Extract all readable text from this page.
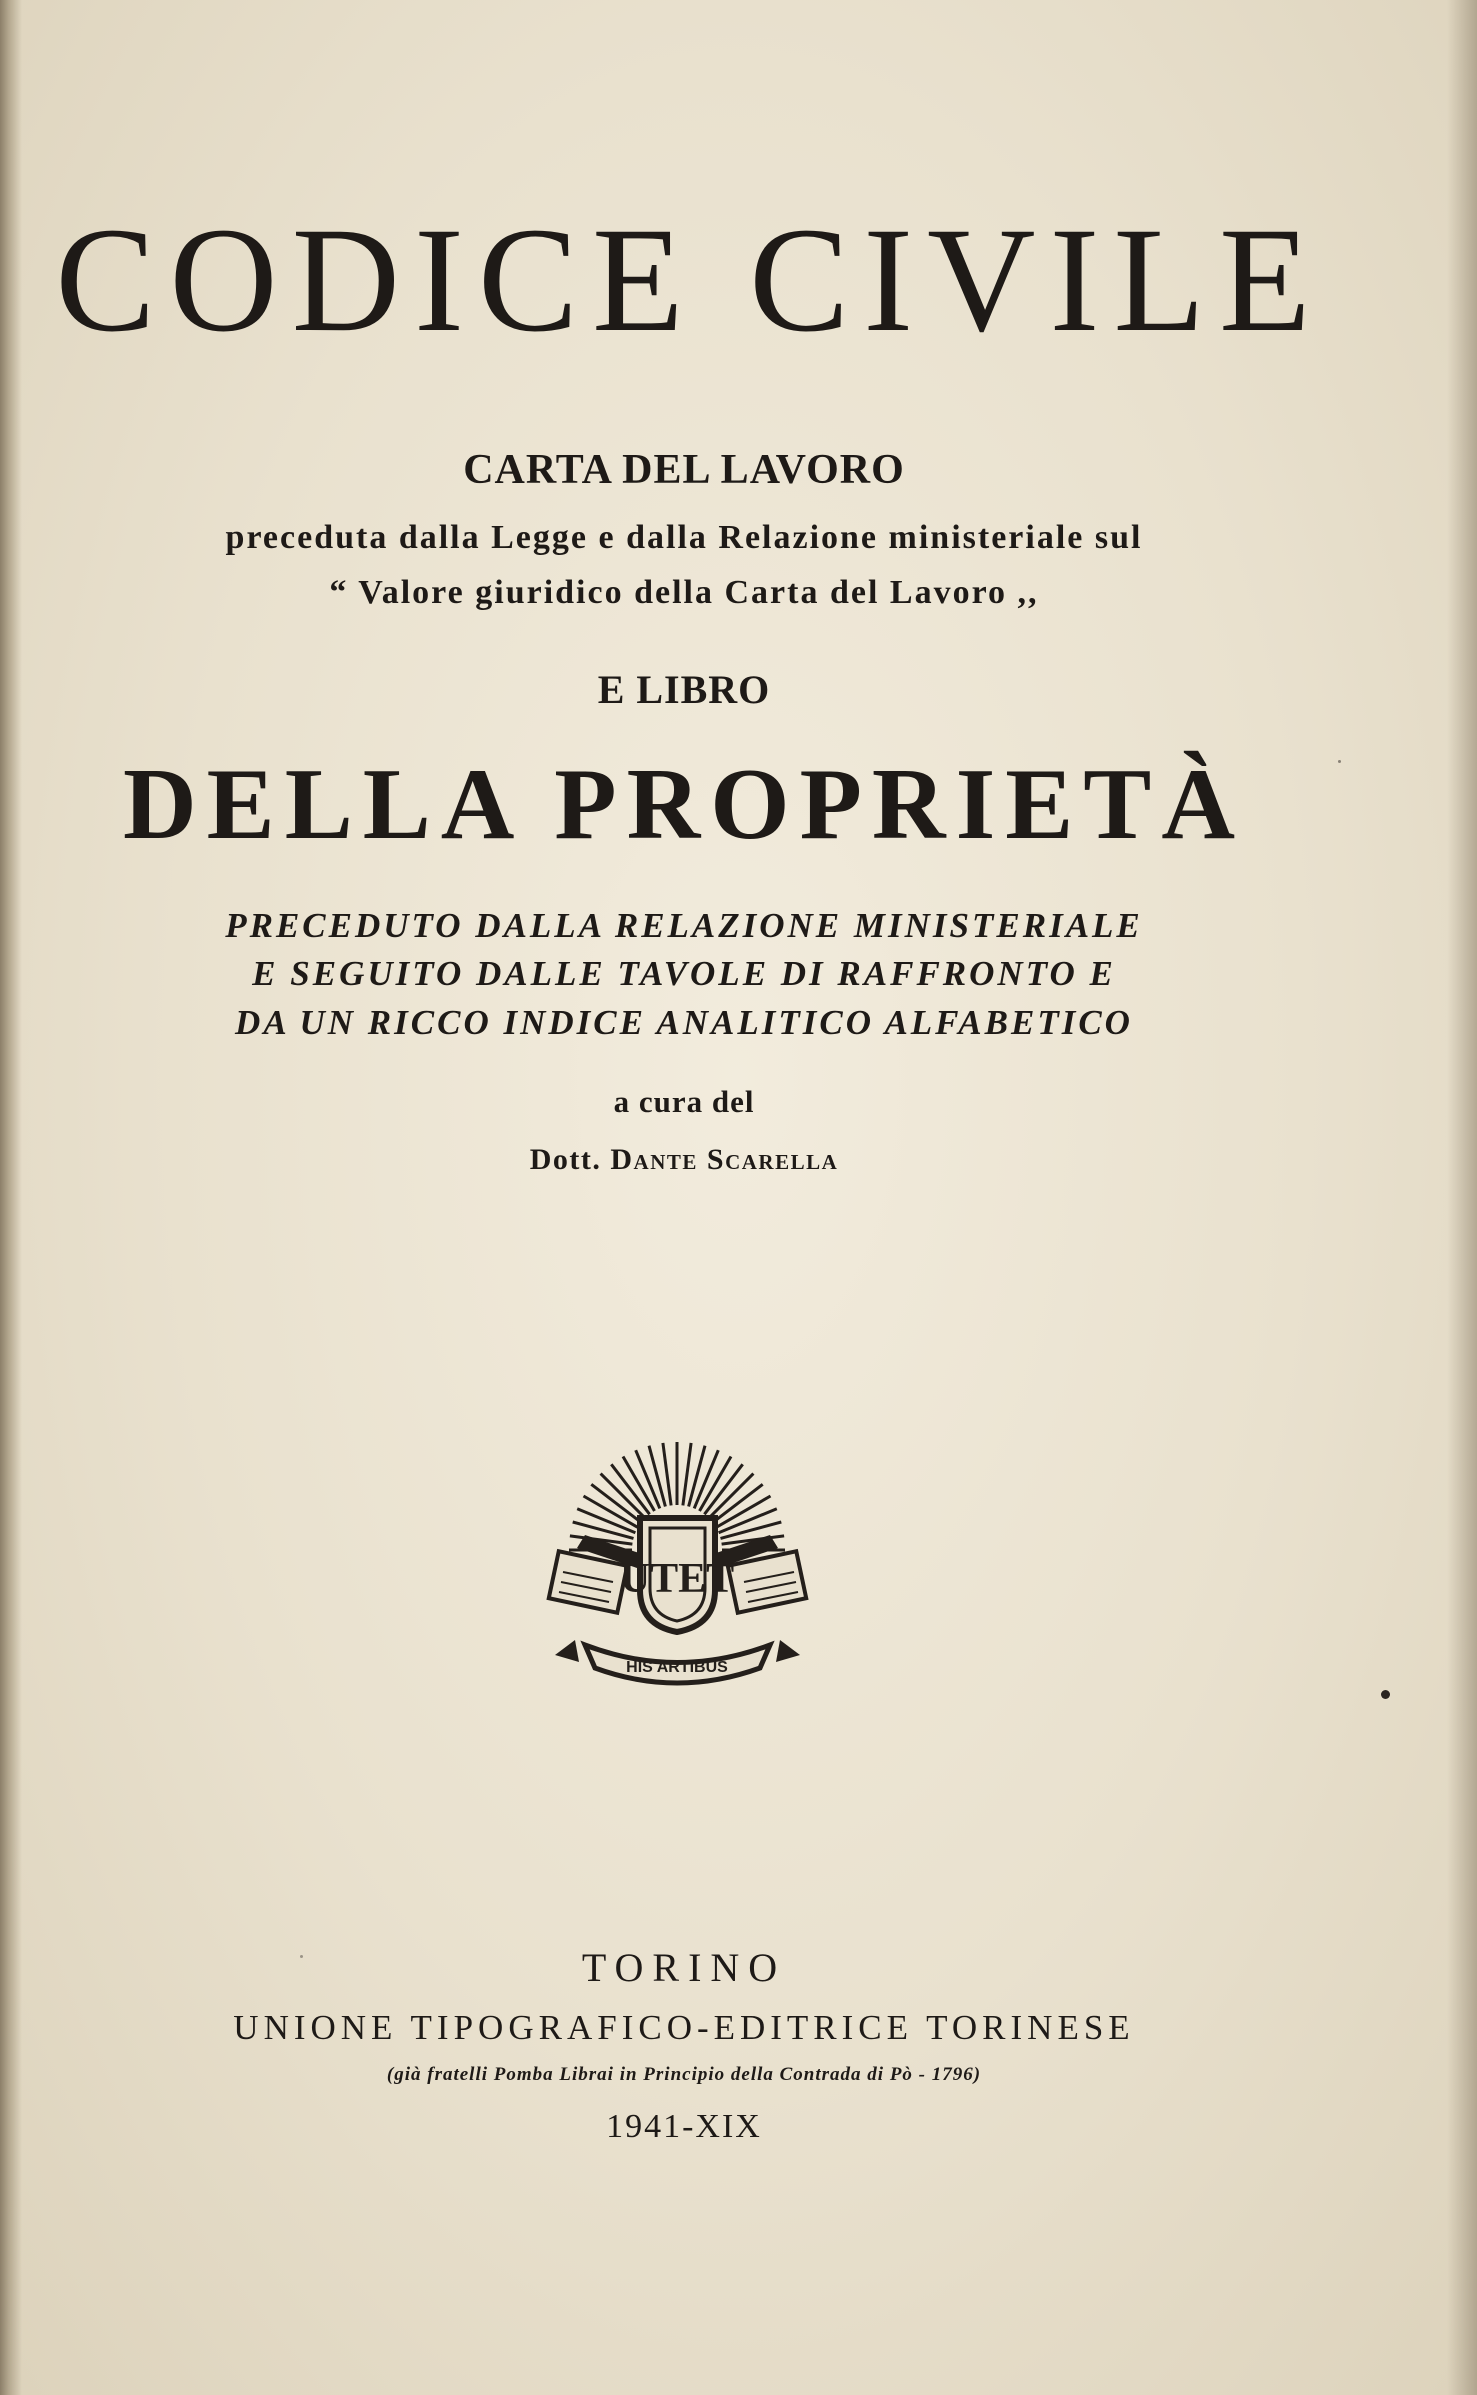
CODICE CIVILE
CARTA DEL LAVORO
preceduta dalla Legge e dalla Relazione ministeriale sul
“ Valore giuridico della Carta del Lavoro ,,
E LIBRO
DELLA PROPRIETÀ
PRECEDUTO DALLA RELAZIONE MINISTERIALE
E SEGUITO DALLE TAVOLE DI RAFFRONTO E
DA UN RICCO INDICE ANALITICO ALFABETICO
a cura del
Dott. Dante Scarella
UTET
HIS ARTIBUS
TORINO
UNIONE TIPOGRAFICO-EDITRICE TORINESE
(già fratelli Pomba Librai in Principio della Contrada di Pò - 1796)
1941-XIX
